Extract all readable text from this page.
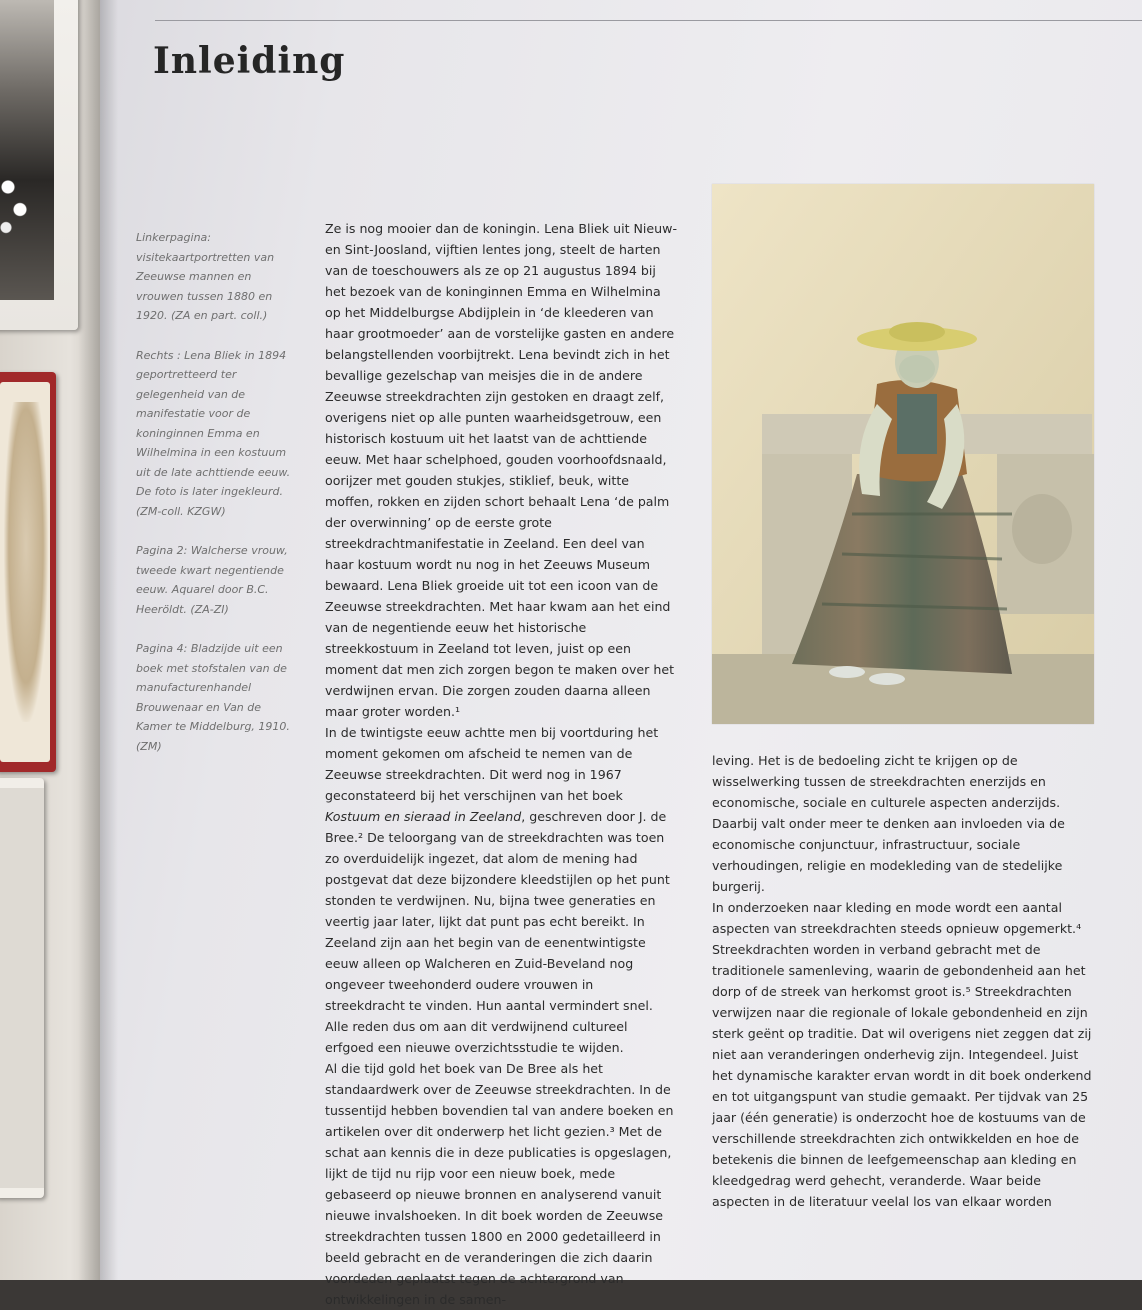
Inleiding

Linkerpagina: visitekaartportretten van Zeeuwse mannen en vrouwen tussen 1880 en 1920. (ZA en part. coll.)

Rechts : Lena Bliek in 1894 geportretteerd ter gelegenheid van de manifestatie voor de koninginnen Emma en Wilhelmina in een kostuum uit de late achttiende eeuw. De foto is later ingekleurd. (ZM-coll. KZGW)

Pagina 2: Walcherse vrouw, tweede kwart negentiende eeuw. Aquarel door B.C. Heeröldt. (ZA-ZI)

Pagina 4: Bladzijde uit een boek met stofstalen van de manufacturenhandel Brouwenaar en Van de Kamer te Middelburg, 1910. (ZM)

Ze is nog mooier dan de koningin. Lena Bliek uit Nieuw- en Sint-Joosland, vijftien lentes jong, steelt de harten van de toeschouwers als ze op 21 augustus 1894 bij het bezoek van de koninginnen Emma en Wilhelmina op het Middelburgse Abdijplein in ‘de kleederen van haar grootmoeder’ aan de vorstelijke gasten en andere belangstellenden voorbijtrekt. Lena bevindt zich in het bevallige gezelschap van meisjes die in de andere Zeeuwse streekdrachten zijn gestoken en draagt zelf, overigens niet op alle punten waarheidsgetrouw, een historisch kostuum uit het laatst van de achttiende eeuw. Met haar schelphoed, gouden voorhoofdsnaald, oorijzer met gouden stukjes, stiklief, beuk, witte moffen, rokken en zijden schort behaalt Lena ‘de palm der overwinning’ op de eerste grote streekdrachtmanifestatie in Zeeland. Een deel van haar kostuum wordt nu nog in het Zeeuws Museum bewaard. Lena Bliek groeide uit tot een icoon van de Zeeuwse streekdrachten. Met haar kwam aan het eind van de negentiende eeuw het historische streekkostuum in Zeeland tot leven, juist op een moment dat men zich zorgen begon te maken over het verdwijnen ervan. Die zorgen zouden daarna alleen maar groter worden.¹

In de twintigste eeuw achtte men bij voortduring het moment gekomen om afscheid te nemen van de Zeeuwse streekdrachten. Dit werd nog in 1967 geconstateerd bij het verschijnen van het boek Kostuum en sieraad in Zeeland, geschreven door J. de Bree.² De teloorgang van de streekdrachten was toen zo overduidelijk ingezet, dat alom de mening had postgevat dat deze bijzondere kleedstijlen op het punt stonden te verdwijnen. Nu, bijna twee generaties en veertig jaar later, lijkt dat punt pas echt bereikt. In Zeeland zijn aan het begin van de eenentwintigste eeuw alleen op Walcheren en Zuid-Beveland nog ongeveer tweehonderd oudere vrouwen in streekdracht te vinden. Hun aantal vermindert snel. Alle reden dus om aan dit verdwijnend cultureel erfgoed een nieuwe overzichtsstudie te wijden.

Al die tijd gold het boek van De Bree als het standaardwerk over de Zeeuwse streekdrachten. In de tussentijd hebben bovendien tal van andere boeken en artikelen over dit onderwerp het licht gezien.³ Met de schat aan kennis die in deze publicaties is opgeslagen, lijkt de tijd nu rijp voor een nieuw boek, mede gebaseerd op nieuwe bronnen en analyserend vanuit nieuwe invalshoeken. In dit boek worden de Zeeuwse streekdrachten tussen 1800 en 2000 gedetailleerd in beeld gebracht en de veranderingen die zich daarin voordeden geplaatst tegen de achtergrond van ontwikkelingen in de samen-

leving. Het is de bedoeling zicht te krijgen op de wisselwerking tussen de streekdrachten enerzijds en economische, sociale en culturele aspecten anderzijds. Daarbij valt onder meer te denken aan invloeden via de economische conjunctuur, infrastructuur, sociale verhoudingen, religie en modekleding van de stedelijke burgerij.

In onderzoeken naar kleding en mode wordt een aantal aspecten van streekdrachten steeds opnieuw opgemerkt.⁴ Streekdrachten worden in verband gebracht met de traditionele samenleving, waarin de gebondenheid aan het dorp of de streek van herkomst groot is.⁵ Streekdrachten verwijzen naar die regionale of lokale gebondenheid en zijn sterk geënt op traditie. Dat wil overigens niet zeggen dat zij niet aan veranderingen onderhevig zijn. Integendeel. Juist het dynamische karakter ervan wordt in dit boek onderkend en tot uitgangspunt van studie gemaakt. Per tijdvak van 25 jaar (één generatie) is onderzocht hoe de kostuums van de verschillende streekdrachten zich ontwikkelden en hoe de betekenis die binnen de leefgemeenschap aan kleding en kleedgedrag werd gehecht, veranderde. Waar beide aspecten in de literatuur veelal los van elkaar worden
